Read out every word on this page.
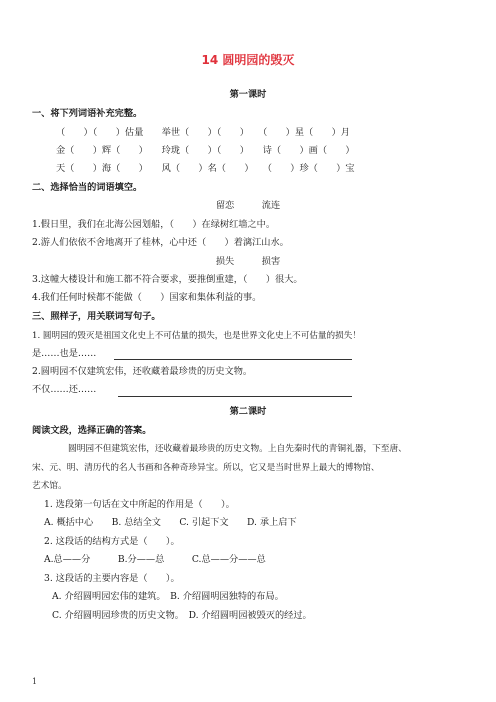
14 圆明园的毁灭
第一课时
一、将下列词语补充完整。
（　　）（　　）估量　　举世（　　）（　　）　　（　　）星（　　）月
金（　　）辉（　　）　　玲珑（　　）（　　）　　诗（　　）画（　　）
天（　　）海（　　）　　风（　　）名（　　）　　（　　）珍（　　）宝
二、选择恰当的词语填空。
留恋　　　流连
1.假日里，我们在北海公园划船，（　　）在绿树红墙之中。
2.游人们依依不舍地离开了桂林，心中还（　　）着漓江山水。
损失　　　损害
3.这幢大楼设计和施工都不符合要求，要推倒重建，（　　）很大。
4.我们任何时候都不能做（　　）国家和集体利益的事。
三、照样子，用关联词写句子。
1. 圆明园的毁灭是祖国文化史上不可估量的损失，也是世界文化史上不可估量的损失！
是……也是……
2.圆明园不仅建筑宏伟，还收藏着最珍贵的历史文物。
不仅……还……
第二课时
阅读文段，选择正确的答案。
圆明园不但建筑宏伟，还收藏着最珍贵的历史文物。上自先秦时代的青铜礼器，下至唐、
宋、元、明、清历代的名人书画和各种奇珍异宝。所以，它又是当时世界上最大的博物馆、
艺术馆。
1. 选段第一句话在文中所起的作用是（　　）。
A. 概括中心　　B. 总结全文　　C. 引起下文　　D. 承上启下
2. 这段话的结构方式是（　　）。
A.总——分　　　B.分——总　　　C.总——分——总
3. 这段话的主要内容是（　　）。
A. 介绍圆明园宏伟的建筑。　B. 介绍圆明园独特的布局。
C. 介绍圆明园珍贵的历史文物。　D. 介绍圆明园被毁灭的经过。
1
